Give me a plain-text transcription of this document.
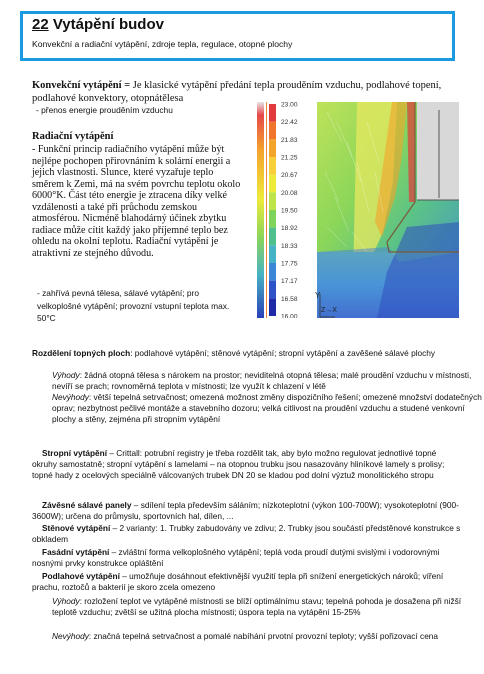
22 Vytápění budov
Konvekční a radiační vytápění, zdroje tepla, regulace, otopné plochy
Konvekční vytápění = Je klasické vytápění předání tepla prouděním vzduchu, podlahové topení, podlahové konvektory, otopnátělesa
- přenos energie prouděním vzduchu
Radiační vytápění
- Funkční princip radiačního vytápění může být nejlépe pochopen přirovnáním k solární energii a jejich vlastnosti. Slunce, které vyzařuje teplo směrem k Zemi, má na svém povrchu teplotu okolo 6000°K. Část této energie je ztracena díky velké vzdálenosti a také při průchodu zemskou atmosférou. Nicméně blahodárný účinek zbytku radiace může cítit každý jako příjemné teplo bez ohledu na okolní teplotu. Radiační vytápění je atraktivní ze stejného důvodu.
- zahřívá pevná tělesa, sálavé vytápění; pro velkoplošné vytápění; provozní vstupní teplota max. 50°C
23.00
22.42
21.83
21.25
20.67
20.08
19.50
18.92
18.33
17.75
17.17
16.58
16.00
Y
Z→X
Rozdělení topných ploch: podlahové vytápění; stěnové vytápění; stropní vytápění a zavěšené sálavé plochy
Výhody: žádná otopná tělesa s nárokem na prostor; neviditelná otopná tělesa; malé proudění vzduchu v místnosti, nevíří se prach; rovnoměrná teplota v místnosti; lze využít k chlazení v létě
Nevýhody: větší tepelná setrvačnost; omezená možnost změny dispozičního řešení; omezené množství dodatečných oprav; nezbytnost pečlivé montáže a stavebního dozoru; velká citlivost na proudění vzduchu a studené venkovní plochy a stěny, zejména při stropním vytápění
Stropní vytápění – Crittall: potrubní registry je třeba rozdělit tak, aby bylo možno regulovat jednotlivé topné okruhy samostatně; stropní vytápění s lamelami – na otopnou trubku jsou nasazovány hliníkové lamely s prolisy; topné hady z ocelových speciálně válcovaných trubek DN 20 se kladou pod dolní výztuž monolitického stropu
Závěsné sálavé panely – sdílení tepla především sáláním; nízkoteplotní (výkon 100-700W); vysokoteplotní (900-3600W); určena do průmyslu, sportovních hal, dílen, ...
Stěnové vytápění – 2 varianty: 1. Trubky zabudovány ve zdivu; 2. Trubky jsou součástí předstěnové konstrukce s obkladem
Fasádní vytápění – zvláštní forma velkoplošného vytápění; teplá voda proudí dutými svislými i vodorovnými nosnými prvky konstrukce opláštění
Podlahové vytápění – umožňuje dosáhnout efektivnější využití tepla při snížení energetických nároků; víření prachu, roztočů a bakterií je skoro zcela omezeno
Výhody: rozložení teplot ve vytápěné místnosti se blíží optimálnímu stavu; tepelná pohoda je dosažena při nižší teplotě vzduchu; zvětší se užitná plocha místnosti; úspora tepla na vytápění 15-25%
Nevýhody: značná tepelná setrvačnost a pomalé nabíhání prvotní provozní teploty; vyšší pořizovací cena
